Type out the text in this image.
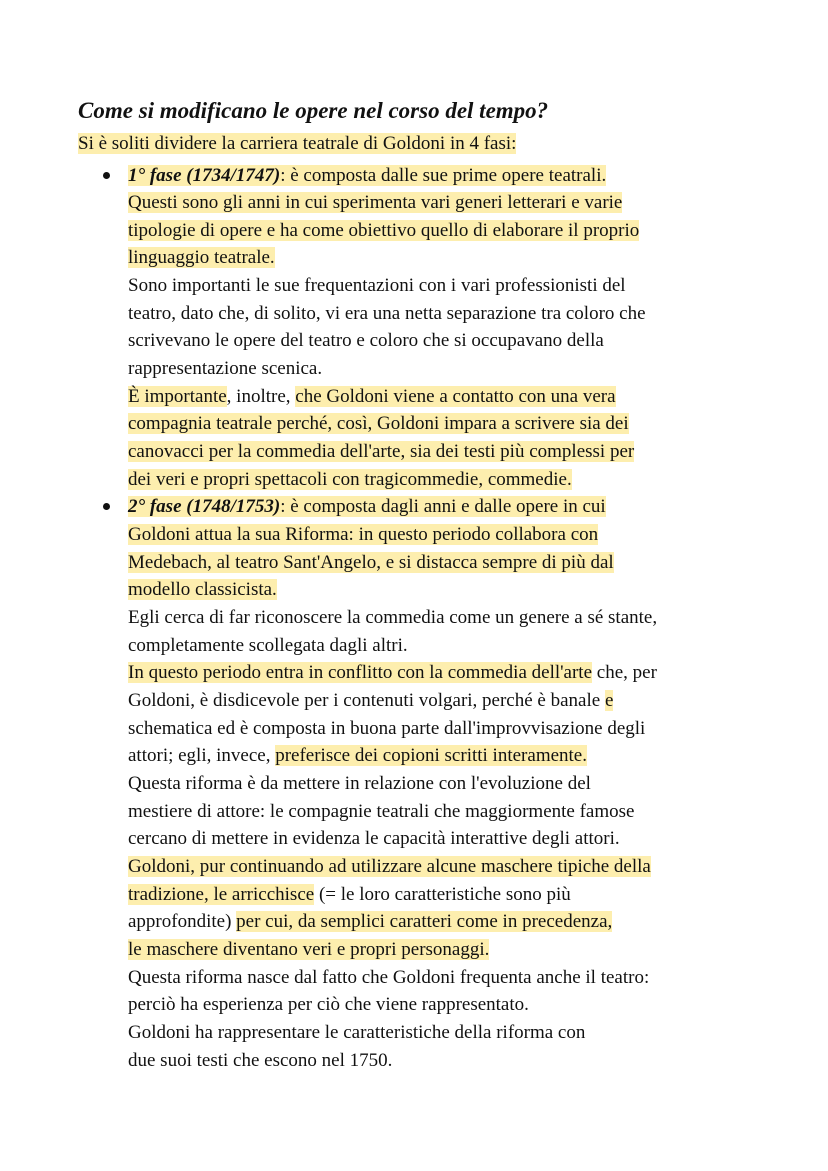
Come si modificano le opere nel corso del tempo?
Si è soliti dividere la carriera teatrale di Goldoni in 4 fasi:
1° fase (1734/1747): è composta dalle sue prime opere teatrali.
Questi sono gli anni in cui sperimenta vari generi letterari e varie
tipologie di opere e ha come obiettivo quello di elaborare il proprio
linguaggio teatrale.
Sono importanti le sue frequentazioni con i vari professionisti del
teatro, dato che, di solito, vi era una netta separazione tra coloro che
scrivevano le opere del teatro e coloro che si occupavano della
rappresentazione scenica.
È importante, inoltre, che Goldoni viene a contatto con una vera
compagnia teatrale perché, così, Goldoni impara a scrivere sia dei
canovacci per la commedia dell'arte, sia dei testi più complessi per
dei veri e propri spettacoli con tragicommedie, commedie.
2° fase (1748/1753): è composta dagli anni e dalle opere in cui
Goldoni attua la sua Riforma: in questo periodo collabora con
Medebach, al teatro Sant'Angelo, e si distacca sempre di più dal
modello classicista.
Egli cerca di far riconoscere la commedia come un genere a sé stante,
completamente scollegata dagli altri.
In questo periodo entra in conflitto con la commedia dell'arte che, per
Goldoni, è disdicevole per i contenuti volgari, perché è banale e
schematica ed è composta in buona parte dall'improvvisazione degli
attori; egli, invece, preferisce dei copioni scritti interamente.
Questa riforma è da mettere in relazione con l'evoluzione del
mestiere di attore: le compagnie teatrali che maggiormente famose
cercano di mettere in evidenza le capacità interattive degli attori.
Goldoni, pur continuando ad utilizzare alcune maschere tipiche della
tradizione, le arricchisce (= le loro caratteristiche sono più
approfondite) per cui, da semplici caratteri come in precedenza,
le maschere diventano veri e propri personaggi.
Questa riforma nasce dal fatto che Goldoni frequenta anche il teatro:
perciò ha esperienza per ciò che viene rappresentato.
Goldoni ha rappresentare le caratteristiche della riforma con
due suoi testi che escono nel 1750.
